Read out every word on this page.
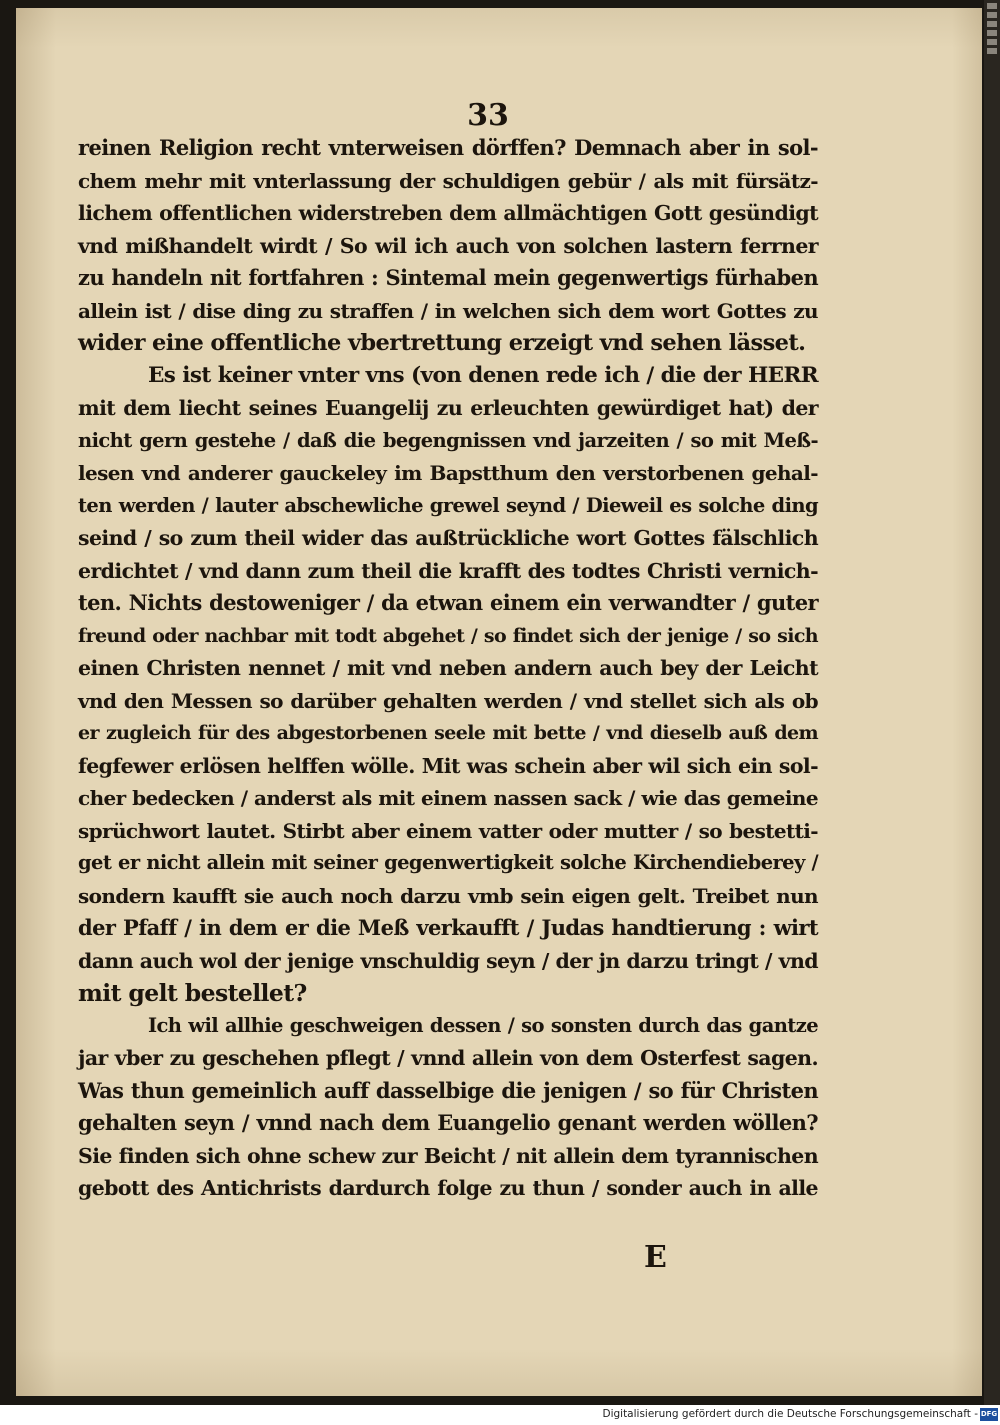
33
reinen Religion recht vnterweisen dörffen? Demnach aber in sol-
chem mehr mit vnterlassung der schuldigen gebür / als mit fürsätz-
lichem offentlichen widerstreben dem allmächtigen Gott gesündigt
vnd mißhandelt wirdt / So wil ich auch von solchen lastern ferrner
zu handeln nit fortfahren : Sintemal mein gegenwertigs fürhaben
allein ist / dise ding zu straffen / in welchen sich dem wort Gottes zu
wider eine offentliche vbertrettung erzeigt vnd sehen lässet.
Es ist keiner vnter vns (von denen rede ich / die der HERR
mit dem liecht seines Euangelij zu erleuchten gewürdiget hat) der
nicht gern gestehe / daß die begengnissen vnd jarzeiten / so mit Meß-
lesen vnd anderer gauckeley im Bapstthum den verstorbenen gehal-
ten werden / lauter abschewliche grewel seynd / Dieweil es solche ding
seind / so zum theil wider das außtrückliche wort Gottes fälschlich
erdichtet / vnd dann zum theil die krafft des todtes Christi vernich-
ten. Nichts destoweniger / da etwan einem ein verwandter / guter
freund oder nachbar mit todt abgehet / so findet sich der jenige / so sich
einen Christen nennet / mit vnd neben andern auch bey der Leicht
vnd den Messen so darüber gehalten werden / vnd stellet sich als ob
er zugleich für des abgestorbenen seele mit bette / vnd dieselb auß dem
fegfewer erlösen helffen wölle. Mit was schein aber wil sich ein sol-
cher bedecken / anderst als mit einem nassen sack / wie das gemeine
sprüchwort lautet. Stirbt aber einem vatter oder mutter / so bestetti-
get er nicht allein mit seiner gegenwertigkeit solche Kirchendieberey /
sondern kaufft sie auch noch darzu vmb sein eigen gelt. Treibet nun
der Pfaff / in dem er die Meß verkaufft / Judas handtierung : wirt
dann auch wol der jenige vnschuldig seyn / der jn darzu tringt / vnd
mit gelt bestellet?
Ich wil allhie geschweigen dessen / so sonsten durch das gantze
jar vber zu geschehen pflegt / vnnd allein von dem Osterfest sagen.
Was thun gemeinlich auff dasselbige die jenigen / so für Christen
gehalten seyn / vnnd nach dem Euangelio genant werden wöllen?
Sie finden sich ohne schew zur Beicht / nit allein dem tyrannischen
gebott des Antichrists dardurch folge zu thun / sonder auch in alle
E
Digitalisierung gefördert durch die Deutsche Forschungsgemeinschaft - DFG
